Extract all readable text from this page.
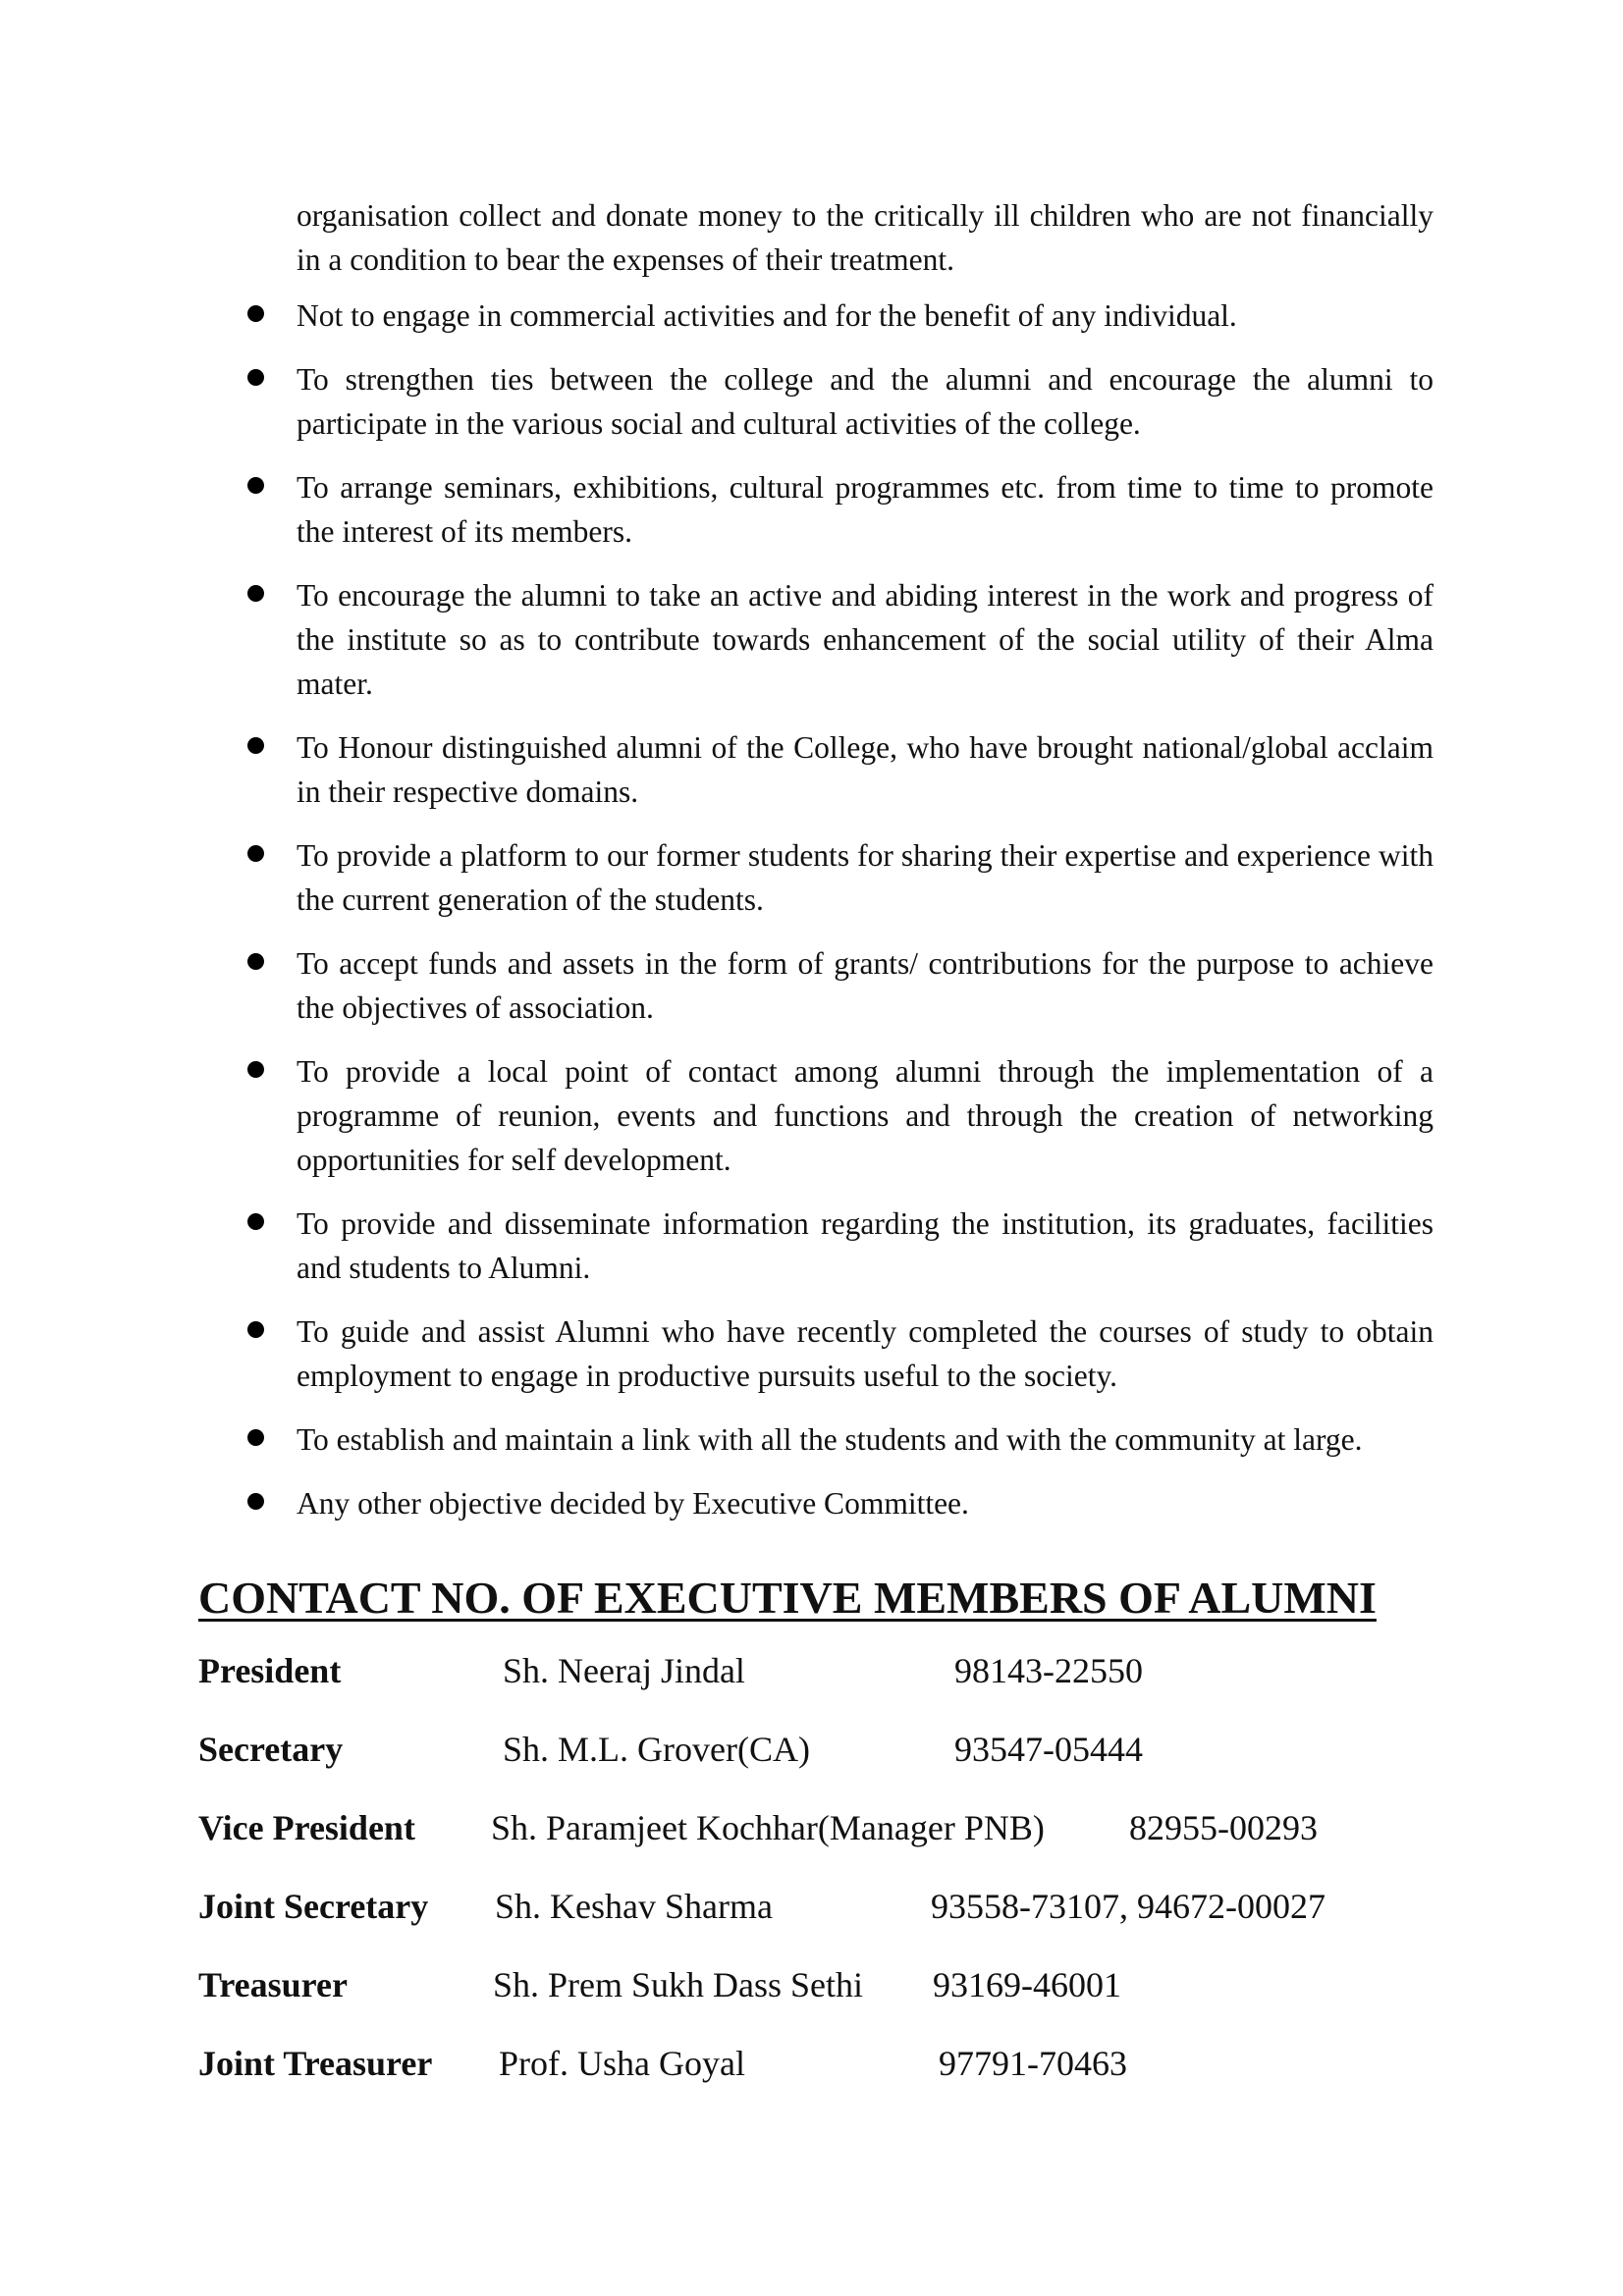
organisation collect and donate money to the critically ill children who are not financially in a condition to bear the expenses of their treatment.

Not to engage in commercial activities and for the benefit of any individual.
To strengthen ties between the college and the alumni and encourage the alumni to participate in the various social and cultural activities of the college.
To arrange seminars, exhibitions, cultural programmes etc. from time to time to promote the interest of its members.
To encourage the alumni to take an active and abiding interest in the work and progress of the institute so as to contribute towards enhancement of the social utility of their Alma mater.
To Honour distinguished alumni of the College, who have brought national/global acclaim in their respective domains.
To provide a platform to our former students for sharing their expertise and experience with the current generation of the students.
To accept funds and assets in the form of grants/ contributions for the purpose to achieve the objectives of association.
To provide a local point of contact among alumni through the implementation of a programme of reunion, events and functions and through the creation of networking opportunities for self development.
To provide and disseminate information regarding the institution, its graduates, facilities and students to Alumni.
To guide and assist Alumni who have recently completed the courses of study to obtain employment to engage in productive pursuits useful to the society.
To establish and maintain a link with all the students and with the community at large.
Any other objective decided by Executive Committee.
CONTACT NO. OF EXECUTIVE MEMBERS OF ALUMNI
President	Sh. Neeraj Jindal	98143-22550
Secretary	Sh. M.L. Grover(CA)	93547-05444
Vice President Sh. Paramjeet Kochhar(Manager PNB) 82955-00293
Joint Secretary Sh. Keshav Sharma	93558-73107, 94672-00027
Treasurer	Sh. Prem Sukh Dass Sethi 93169-46001
Joint Treasurer Prof. Usha Goyal	97791-70463
